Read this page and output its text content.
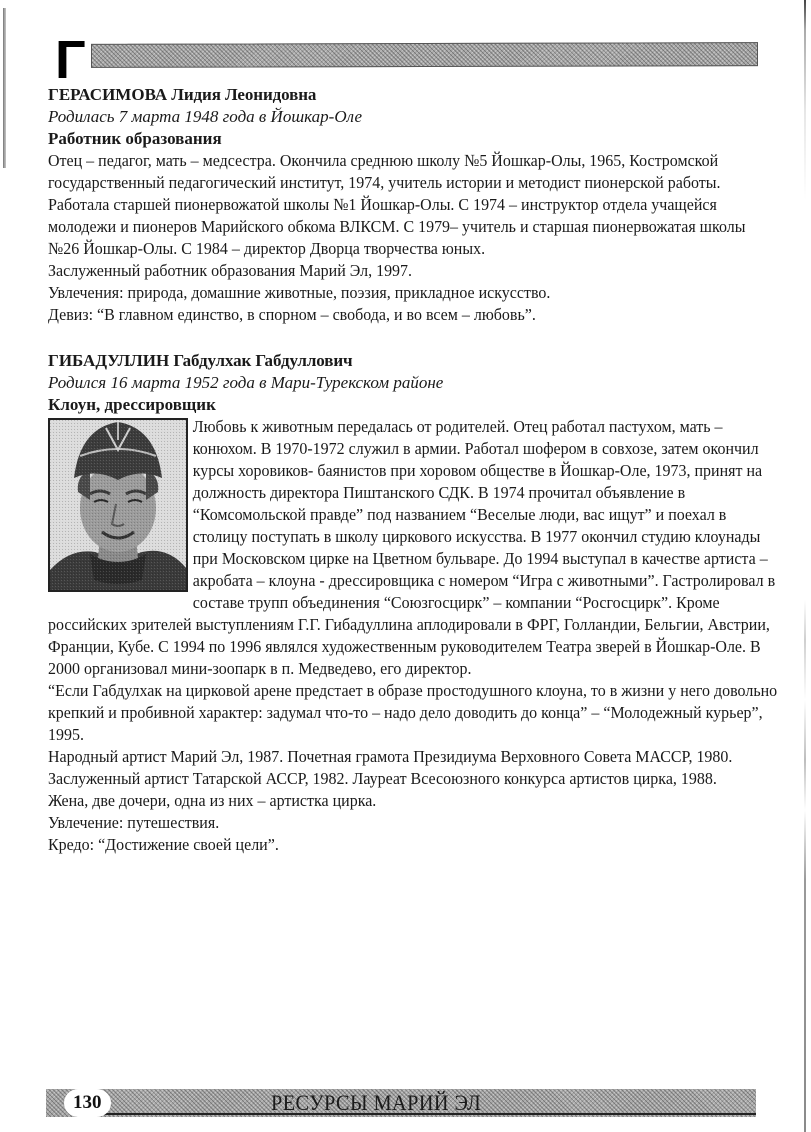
Г
ГЕРАСИМОВА Лидия Леонидовна
Родилась 7 марта 1948 года в Йошкар-Оле
Работник образования

Отец – педагог, мать – медсестра. Окончила среднюю школу №5 Йошкар-Олы, 1965, Костромской государственный педагогический институт, 1974, учитель истории и методист пионерской работы. Работала старшей пионервожатой школы №1 Йошкар-Олы. С 1974 – инструктор отдела учащейся молодежи и пионеров Марийского обкома ВЛКСМ. С 1979– учитель и старшая пионервожатая школы №26 Йошкар-Олы. С 1984 – директор Дворца творчества юных.

Заслуженный работник образования Марий Эл, 1997.

Увлечения: природа, домашние животные, поэзия, прикладное искусство.

Девиз: “В главном единство, в спорном – свобода, и во всем – любовь”.

ГИБАДУЛЛИН Габдулхак Габдуллович
Родился 16 марта 1952 года в Мари-Турекском районе
Клоун, дрессировщик

Любовь к животным передалась от родителей. Отец работал пастухом, мать – конюхом. В 1970-1972 служил в армии. Работал шофером в совхозе, затем окончил курсы хоровиков- баянистов при хоровом обществе в Йошкар-Оле, 1973, принят на должность директора Пиштанского СДК. В 1974 прочитал объявление в “Комсомольской правде” под названием “Веселые люди, вас ищут” и поехал в столицу поступать в школу циркового искусства. В 1977 окончил студию клоунады при Московском цирке на Цветном бульваре. До 1994 выступал в качестве артиста – акробата – клоуна - дрессировщика с номером “Игра с животными”. Гастролировал в составе трупп объединения “Союзгосцирк” – компании “Росгосцирк”. Кроме российских зрителей выступлениям Г.Г. Гибадуллина аплодировали в ФРГ, Голландии, Бельгии, Австрии, Франции, Кубе. С 1994 по 1996 являлся художественным руководителем Театра зверей в Йошкар-Оле. В 2000 организовал мини-зоопарк в п. Медведево, его директор.

“Если Габдулхак на цирковой арене предстает в образе простодушного клоуна, то в жизни у него довольно крепкий и пробивной характер: задумал что-то – надо дело доводить до конца” – “Молодежный курьер”, 1995.

Народный артист Марий Эл, 1987. Почетная грамота Президиума Верховного Совета МАССР, 1980. Заслуженный артист Татарской АССР, 1982. Лауреат Всесоюзного конкурса артистов цирка, 1988.

Жена, две дочери, одна из них – артистка цирка.

Увлечение: путешествия.

Кредо: “Достижение своей цели”.

130	РЕСУРСЫ МАРИЙ ЭЛ
